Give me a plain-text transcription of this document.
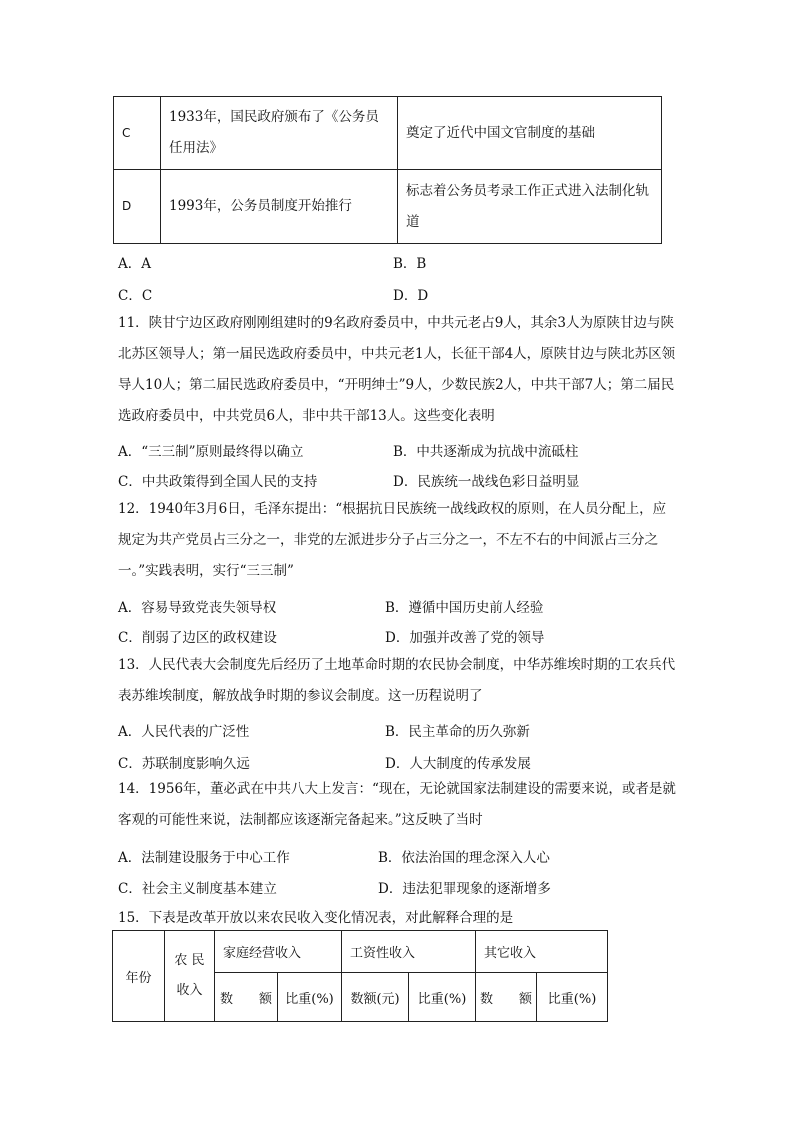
C	1933年，国民政府颁布了《公务员任用法》	奠定了近代中国文官制度的基础
D	1993年，公务员制度开始推行	标志着公务员考录工作正式进入法制化轨道
A．A	B．B
C．C	D．D
11．陕甘宁边区政府刚刚组建时的9名政府委员中，中共元老占9人，其余3人为原陕甘边与陕北苏区领导人；第一届民选政府委员中，中共元老1人，长征干部4人，原陕甘边与陕北苏区领导人10人；第二届民选政府委员中，“开明绅士”9人，少数民族2人，中共干部7人；第二届民选政府委员中，中共党员6人，非中共干部13人。这些变化表明
A．“三三制”原则最终得以确立	B．中共逐渐成为抗战中流砥柱
C．中共政策得到全国人民的支持	D．民族统一战线色彩日益明显
12．1940年3月6日，毛泽东提出：“根据抗日民族统一战线政权的原则，在人员分配上，应规定为共产党员占三分之一，非党的左派进步分子占三分之一，不左不右的中间派占三分之一。”实践表明，实行“三三制”
A．容易导致党丧失领导权	B．遵循中国历史前人经验
C．削弱了边区的政权建设	D．加强并改善了党的领导
13．人民代表大会制度先后经历了土地革命时期的农民协会制度，中华苏维埃时期的工农兵代表苏维埃制度，解放战争时期的参议会制度。这一历程说明了
A．人民代表的广泛性	B．民主革命的历久弥新
C．苏联制度影响久远	D．人大制度的传承发展
14．1956年，董必武在中共八大上发言：“现在，无论就国家法制建设的需要来说，或者是就客观的可能性来说，法制都应该逐渐完备起来。”这反映了当时
A．法制建设服务于中心工作	B．依法治国的理念深入人心
C．社会主义制度基本建立	D．违法犯罪现象的逐渐增多
15．下表是改革开放以来农民收入变化情况表，对此解释合理的是
年份	农 民 收入	家庭经营收入		工资性收入		其它收入	
		数　　额	比重(%)	数额(元)	比重(%)	数　　额	比重(%)
